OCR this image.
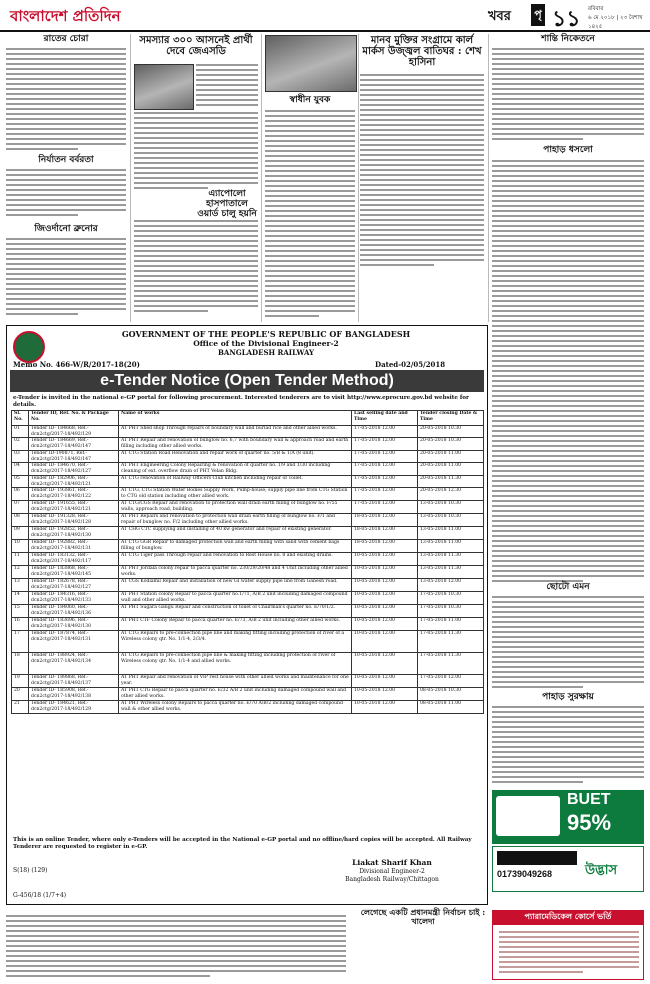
বাংলাদেশ প্রতিদিন	খবর পৃ ১১ রবিবার
৬ মে ২০১৮ | ২৩ বৈশাখ ১৪২৫
রাতের চোরা
নির্যাতন বর্বরতা
জিওর্দানো ব্রুনোর
সমস্যার ৩০০ আসনেই প্রার্থী দেবে জেএসডি
এ্যাপোলো হাসপাতালে ওয়ার্ড চালু হয়নি
মানব মুক্তির সংগ্রামে কার্ল মার্কস উজ্জ্বল বাতিঘর : শেখ হাসিনা
স্বাধীন যুবক
শান্তি নিকেতনে
পাহাড় ধসলো
ছোটো এমন
পাহাড় সুরক্ষায়
GOVERNMENT OF THE PEOPLE'S REPUBLIC OF BANGLADESH
Office of the Divisional Engineer-2
BANGLADESH RAILWAY
Memo No. 466-W/R/2017-18(20)	Dated-02/05/2018
e-Tender Notice (Open Tender Method)
e-Tender is invited in the national e-GP portal for following procurement. Interested tenderers are to visit http://www.eprocure.gov.bd website for details.
Sl. No.	Tender ID, Ref. No. & Package No.	Name of works	Last selling date and Time	Tender closing Date & Time
01	Tender ID- 184668, Ref.-dcn2ctg/2017-18/492/129	AT PHT Shed shop Through repairs of boundary wall and burlad rice and other allied works.	17-05-2018 12.00	20-05-2018 10.30
02	Tender ID- 184669, Ref.-dcn2ctg/2017-18/492/147	AT PHT Repair and renovation of bunglow no. 6,7 with boundary wall & approach road and earth filling including other allied works.	17-05-2018 12.00	20-05-2018 10.30
03	Tender ID-190871, Ref.-dcn2ctg/2017-18/492/147	AT CTG Station Road Renovation and repair work of quarter no. 5/B & 1/A (8 unit).	17-05-2018 12.00	20-05-2018 11.00
04	Tender ID- 184670, Ref.-dcn2ctg/2017-18/492/127	AT PHT Engineering Colony Repairing & renovation of quarter no. 1/9 and 1/30 including cleaning of ext. overflow drain of PHT Velan Bldg.	17-05-2018 12.00	20-05-2018 11.00
05	Tender ID- 182906, Ref.-dcn2ctg/2017-18/492/121	AT CTG renovation of Railway Officers Club kitchen including repair of Toilet.	17-05-2018 12.00	20-05-2018 11.30
06	Tender ID- 193861, Ref.-dcn2ctg/2017-18/492/122	AT CTG, CTG Station Water Bodies Supply Work, Pump-house; supply pipe line from CTG Station to CTG old station including other allied work.	17-05-2018 12.00	20-05-2018 12.30
07	Tender ID- 191655, Ref.-dcn2ctg/2017-18/492/121	AT CTG/CGS Repair and renovation to protection wall drain earth filling of bunglow no. F/55 walls, approach road, building.	17-05-2018 12.00	13-05-2018 10.30
08	Tender ID- 191328, Ref.-dcn2ctg/2017-18/492/128	AT PHT Repairs and renovation to protection wall drain earth filling of bunglow no. F/1 and repair of bunglow no. F/2 including other allied works.	18-05-2018 12.00	13-05-2018 10.30
09	Tender ID- 192852, Ref.-dcn2ctg/2017-18/492/130	AT CHG CTC supplying and installing of 40 kw generator and repair of existing generator.	18-05-2018 12.00	13-05-2018 11.00
10	Tender ID- 192882, Ref.-dcn2ctg/2017-18/492/131	AT CTG GGR Repair to damaged protection wall and earth filling with sand with cement bags filling of bunglow.	18-05-2018 12.00	13-05-2018 11.00
11	Tender ID- 183132, Ref.-dcn2ctg/2017-18/492/117	AT CTG Tiger pass Through repair and renovation to Rest House no. 8 and existing drains.	10-05-2018 12.00	13-05-2018 11.30
12	Tender ID- 183868, Ref.-dcn2ctg/2017-18/492/145	AT PHT Jordala colony repair to pacca quarter no. 230/29/20/48 and 4 Unit including other allied works.	10-05-2018 12.00	13-05-2018 11.30
13	Tender ID- 182678, Ref.-dcn2ctg/2017-18/492/127	AT CGS Kodiamil Repair and installation of new GI water supply pipe line from Ganesh road.	10-05-2018 12.00	13-05-2018 12.00
14	Tender ID- 184316, Ref.-dcn2ctg/2017-18/492/133	AT PHT Station colony Repair to pacca quarter no.1/71, A/B 2 unit including damaged compound wall and other allied works.	10-05-2018 12.00	17-05-2018 10.30
15	Tender ID- 184060, Ref.-dcn2ctg/2017-18/492/136	AT PHT Sugara Gangu Repair and construction of toilet of Chairman's quarter no. E/70/1/2.	10-05-2018 12.00	17-05-2018 10.30
16	Tender ID- 183696, Ref.-dcn2ctg/2017-18/492/130	AT PHT CTF Colony Repair to pacca quarter no. E/73, A/B 2 unit including other allied works.	10-05-2018 12.00	17-05-2018 11.00
17	Tender ID- 187874, Ref.-dcn2ctg/2017-18/492/131	AT CTG Repairs to pre-connection pipe line and making fitting including protection of river of a Wireless colony qtr. No. 1/1-4, 2/3/4.	10-05-2018 12.00	17-05-2018 11.30
18	Tender ID- 188924, Ref.-dcn2ctg/2017-18/492/134	AT CTG Repairs to pre-connection pipe line & making fitting including protection of river of Wireless colony qtr. No. 1/1-4 and allied works.	10-05-2018 12.00	17-05-2018 11.30
19	Tender ID- 189868, Ref.-dcn2ctg/2017-18/492/137	AT PHT Repair and renovation of VIP rest house with other allied works and maintenance for one year.	10-05-2018 12.00	17-05-2018 12.00
20	Tender ID- 185908, Ref.-dcn2ctg/2017-18/492/138	AT PHT CTG Repair to pacca quarter no. E/32 A/B 2 unit including damaged compound wall and other allied works.	10-05-2018 12.00	08-05-2018 10.30
21	Tender ID- 184621, Ref.-dcn2ctg/2017-18/492/129	AT PHT Wireless colony Repairs to pacca quarter no. E/70 A/B/2 including damaged compound wall & other allied works.	10-05-2018 12.00	08-05-2018 11.00
This is an online Tender, where only e-Tenders will be accepted in the National e-GP portal and no offline/hard copies will be accepted. All Railway Tenderer are requested to register in e-GP.
S(18) (129)
G-456/18 (1/7+4)
Liakat Sharif Khan
Divisional Engineer-2
Bangladesh Railway/Chittagon
লেগেছে একটি প্রধানমন্ত্রী নির্বাচন চাই : খালেদা
BUET
95%
উদ্ভাস
01739049268
প্যারামেডিকেল কোর্সে ভর্তি
